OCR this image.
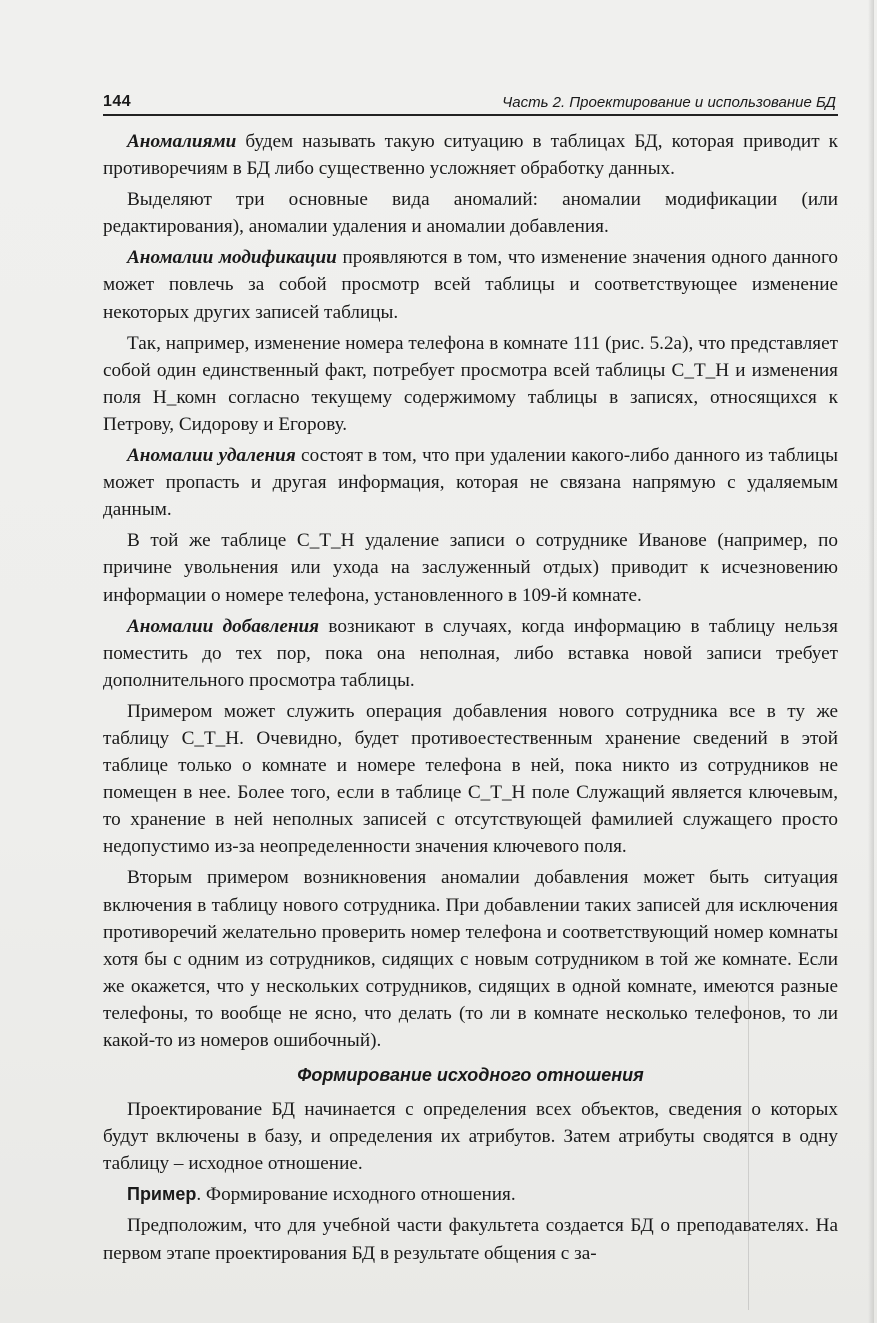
144	Часть 2. Проектирование и использование БД

Аномалиями будем называть такую ситуацию в таблицах БД, которая приводит к противоречиям в БД либо существенно усложняет обработку данных.

Выделяют три основные вида аномалий: аномалии модификации (или редактирования), аномалии удаления и аномалии добавления.

Аномалии модификации проявляются в том, что изменение значения одного данного может повлечь за собой просмотр всей таблицы и соответствующее изменение некоторых других записей таблицы.

Так, например, изменение номера телефона в комнате 111 (рис. 5.2а), что представляет собой один единственный факт, потребует просмотра всей таблицы С_Т_Н и изменения поля Н_комн согласно текущему содержимому таблицы в записях, относящихся к Петрову, Сидорову и Егорову.

Аномалии удаления состоят в том, что при удалении какого-либо данного из таблицы может пропасть и другая информация, которая не связана напрямую с удаляемым данным.

В той же таблице С_Т_Н удаление записи о сотруднике Иванове (например, по причине увольнения или ухода на заслуженный отдых) приводит к исчезновению информации о номере телефона, установленного в 109-й комнате.

Аномалии добавления возникают в случаях, когда информацию в таблицу нельзя поместить до тех пор, пока она неполная, либо вставка новой записи требует дополнительного просмотра таблицы.

Примером может служить операция добавления нового сотрудника все в ту же таблицу С_Т_Н. Очевидно, будет противоестественным хранение сведений в этой таблице только о комнате и номере телефона в ней, пока никто из сотрудников не помещен в нее. Более того, если в таблице С_Т_Н поле Служащий является ключевым, то хранение в ней неполных записей с отсутствующей фамилией служащего просто недопустимо из-за неопределенности значения ключевого поля.

Вторым примером возникновения аномалии добавления может быть ситуация включения в таблицу нового сотрудника. При добавлении таких записей для исключения противоречий желательно проверить номер телефона и соответствующий номер комнаты хотя бы с одним из сотрудников, сидящих с новым сотрудником в той же комнате. Если же окажется, что у нескольких сотрудников, сидящих в одной комнате, имеются разные телефоны, то вообще не ясно, что делать (то ли в комнате несколько телефонов, то ли какой-то из номеров ошибочный).

Формирование исходного отношения

Проектирование БД начинается с определения всех объектов, сведения о которых будут включены в базу, и определения их атрибутов. Затем атрибуты сводятся в одну таблицу – исходное отношение.

Пример. Формирование исходного отношения.

Предположим, что для учебной части факультета создается БД о преподавателях. На первом этапе проектирования БД в результате общения с за-
